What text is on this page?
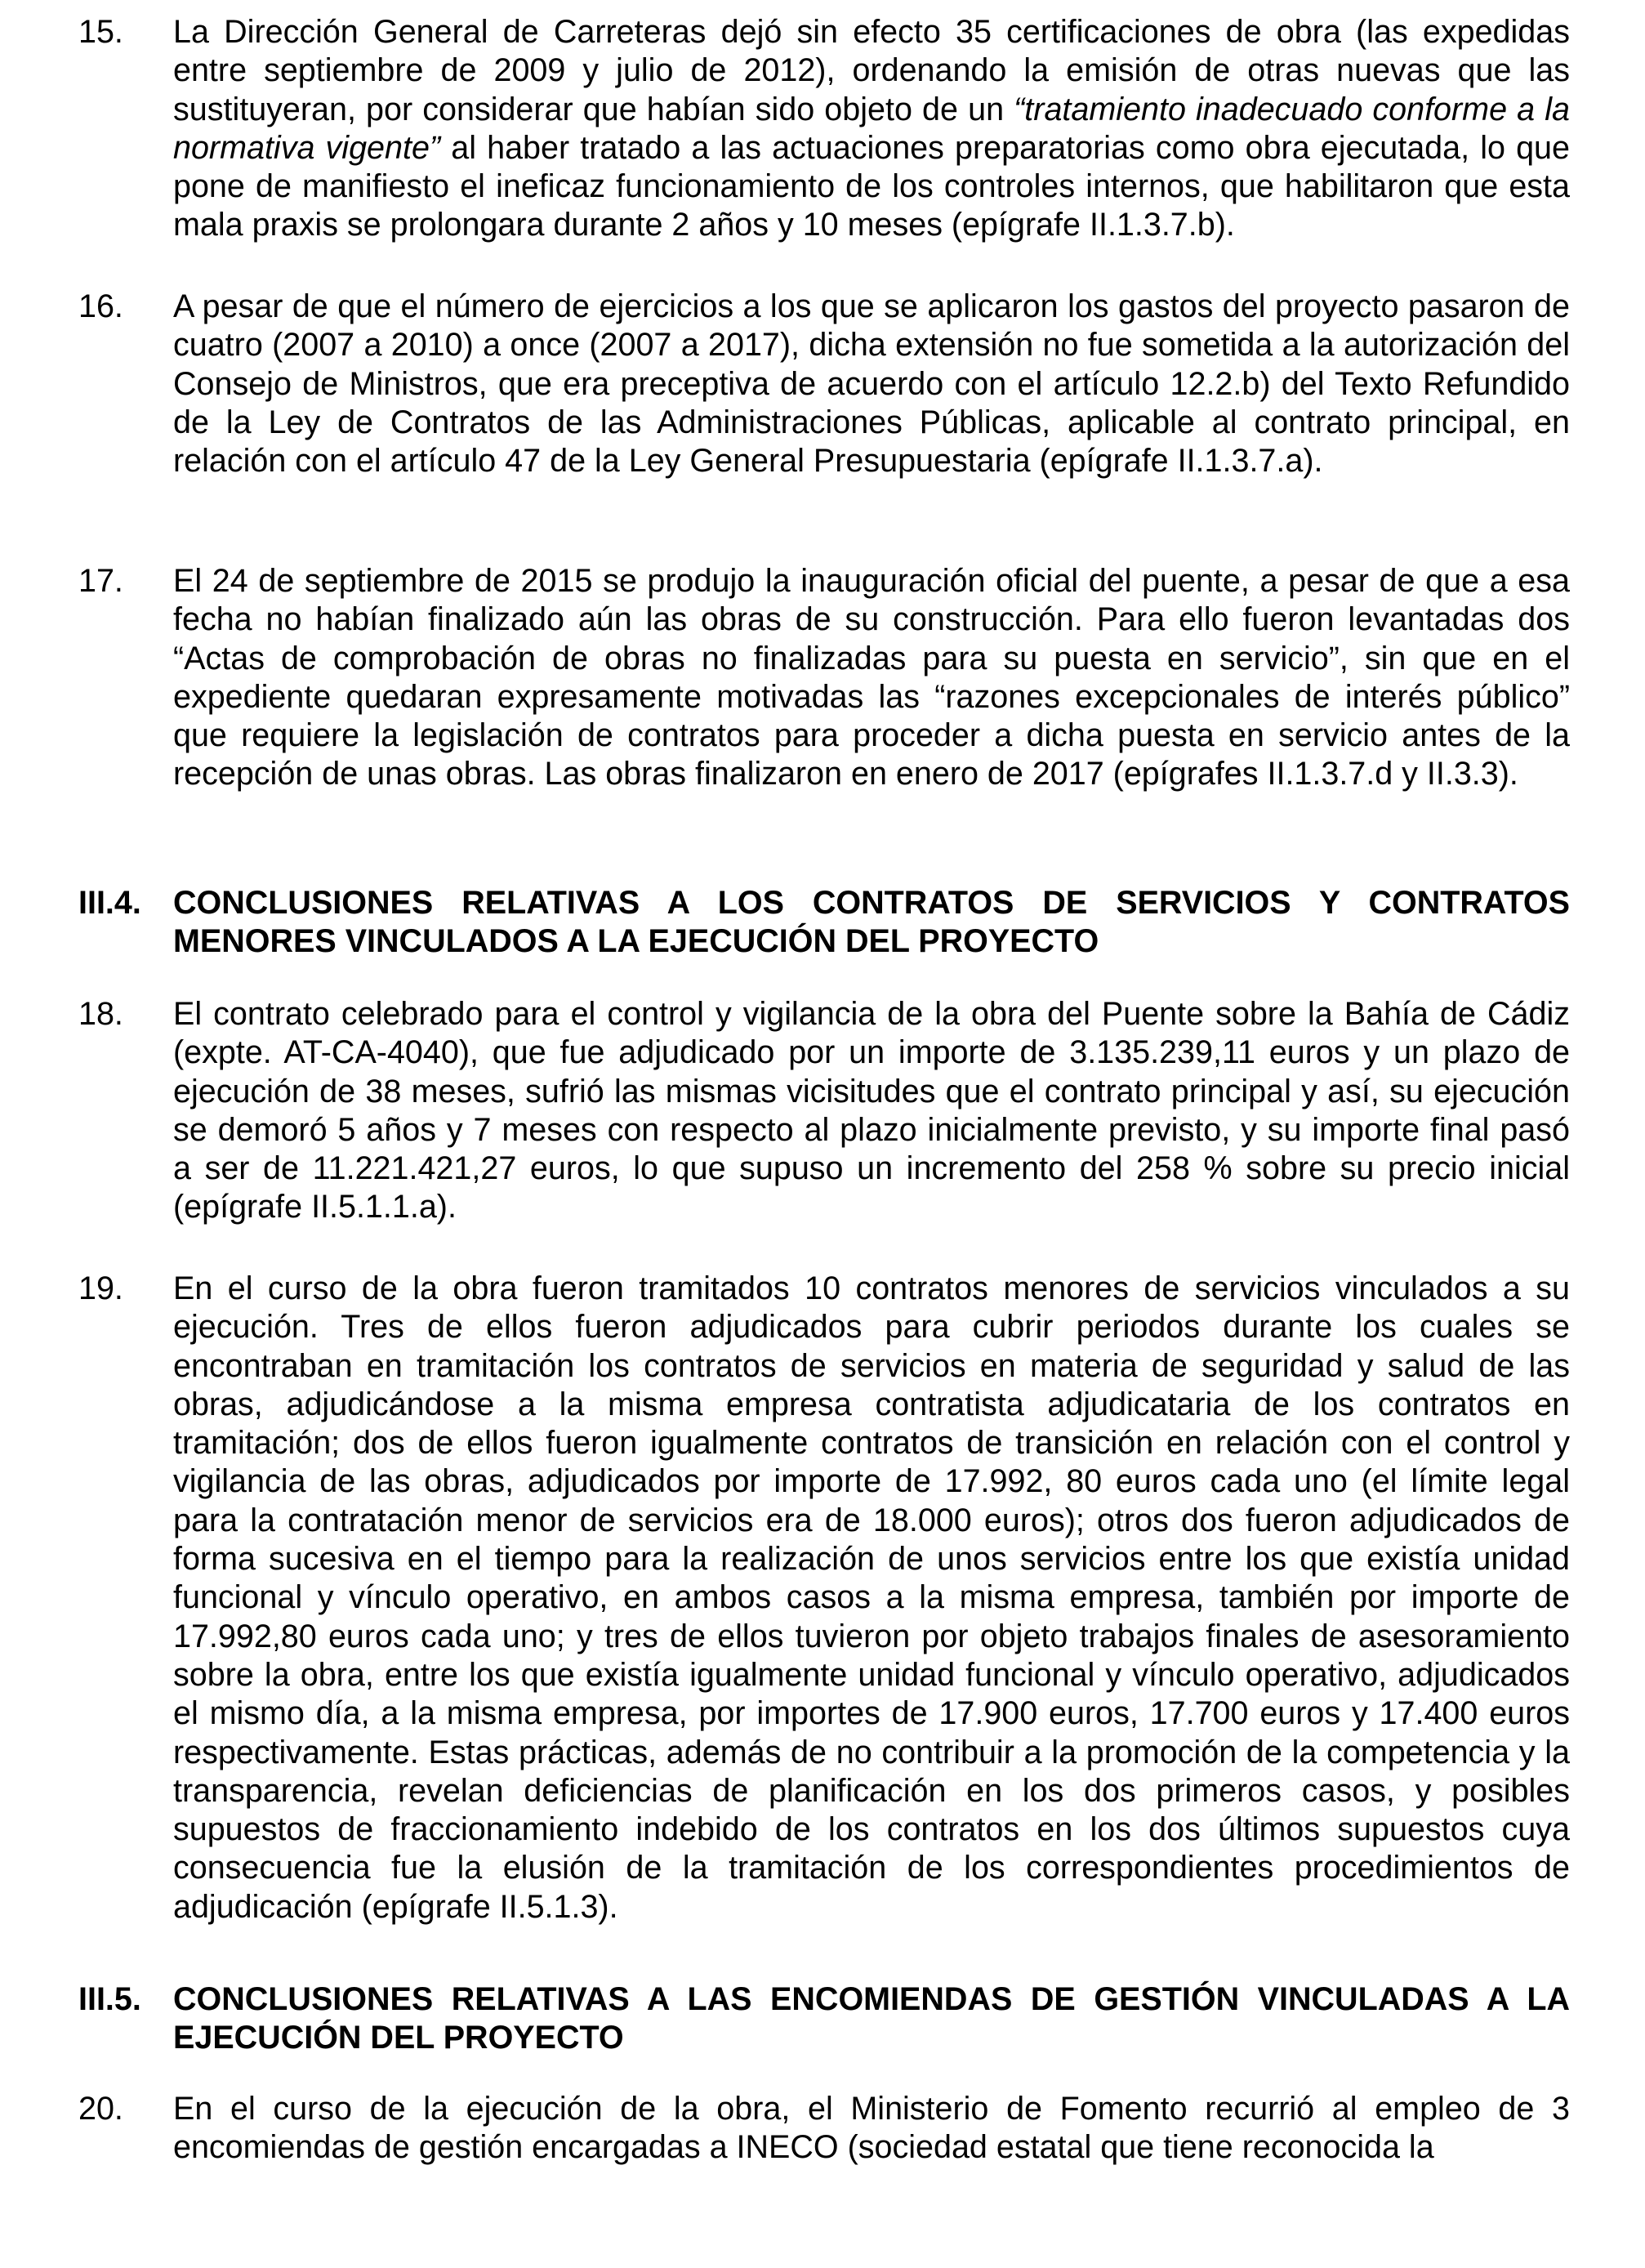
15.	La Dirección General de Carreteras dejó sin efecto 35 certificaciones de obra (las expedidas entre septiembre de 2009 y julio de 2012), ordenando la emisión de otras nuevas que las sustituyeran, por considerar que habían sido objeto de un “tratamiento inadecuado conforme a la normativa vigente” al haber tratado a las actuaciones preparatorias como obra ejecutada, lo que pone de manifiesto el ineficaz funcionamiento de los controles internos, que habilitaron que esta mala praxis se prolongara durante 2 años y 10 meses (epígrafe II.1.3.7.b).
16.	A pesar de que el número de ejercicios a los que se aplicaron los gastos del proyecto pasaron de cuatro (2007 a 2010) a once (2007 a 2017), dicha extensión no fue sometida a la autorización del Consejo de Ministros, que era preceptiva de acuerdo con el artículo 12.2.b) del Texto Refundido de la Ley de Contratos de las Administraciones Públicas, aplicable al contrato principal, en relación con el artículo 47 de la Ley General Presupuestaria (epígrafe II.1.3.7.a).
17.	El 24 de septiembre de 2015 se produjo la inauguración oficial del puente, a pesar de que a esa fecha no habían finalizado aún las obras de su construcción. Para ello fueron levantadas dos “Actas de comprobación de obras no finalizadas para su puesta en servicio”, sin que en el expediente quedaran expresamente motivadas las “razones excepcionales de interés público” que requiere la legislación de contratos para proceder a dicha puesta en servicio antes de la recepción de unas obras. Las obras finalizaron en enero de 2017 (epígrafes II.1.3.7.d y II.3.3).
III.4. CONCLUSIONES RELATIVAS A LOS CONTRATOS DE SERVICIOS Y CONTRATOS MENORES VINCULADOS A LA EJECUCIÓN DEL PROYECTO
18.	El contrato celebrado para el control y vigilancia de la obra del Puente sobre la Bahía de Cádiz (expte. AT-CA-4040), que fue adjudicado por un importe de 3.135.239,11 euros y un plazo de ejecución de 38 meses, sufrió las mismas vicisitudes que el contrato principal y así, su ejecución se demoró 5 años y 7 meses con respecto al plazo inicialmente previsto, y su importe final pasó a ser de 11.221.421,27 euros, lo que supuso un incremento del 258 % sobre su precio inicial (epígrafe II.5.1.1.a).
19.	En el curso de la obra fueron tramitados 10 contratos menores de servicios vinculados a su ejecución. Tres de ellos fueron adjudicados para cubrir periodos durante los cuales se encontraban en tramitación los contratos de servicios en materia de seguridad y salud de las obras, adjudicándose a la misma empresa contratista adjudicataria de los contratos en tramitación; dos de ellos fueron igualmente contratos de transición en relación con el control y vigilancia de las obras, adjudicados por importe de 17.992, 80 euros cada uno (el límite legal para la contratación menor de servicios era de 18.000 euros); otros dos fueron adjudicados de forma sucesiva en el tiempo para la realización de unos servicios entre los que existía unidad funcional y vínculo operativo, en ambos casos a la misma empresa, también por importe de 17.992,80 euros cada uno; y tres de ellos tuvieron por objeto trabajos finales de asesoramiento sobre la obra, entre los que existía igualmente unidad funcional y vínculo operativo, adjudicados el mismo día, a la misma empresa, por importes de 17.900 euros, 17.700 euros y 17.400 euros respectivamente. Estas prácticas, además de no contribuir a la promoción de la competencia y la transparencia, revelan deficiencias de planificación en los dos primeros casos, y posibles supuestos de fraccionamiento indebido de los contratos en los dos últimos supuestos cuya consecuencia fue la elusión de la tramitación de los correspondientes procedimientos de adjudicación (epígrafe II.5.1.3).
III.5. CONCLUSIONES RELATIVAS A LAS ENCOMIENDAS DE GESTIÓN VINCULADAS A LA EJECUCIÓN DEL PROYECTO
20.	En el curso de la ejecución de la obra, el Ministerio de Fomento recurrió al empleo de 3 encomiendas de gestión encargadas a INECO (sociedad estatal que tiene reconocida la
